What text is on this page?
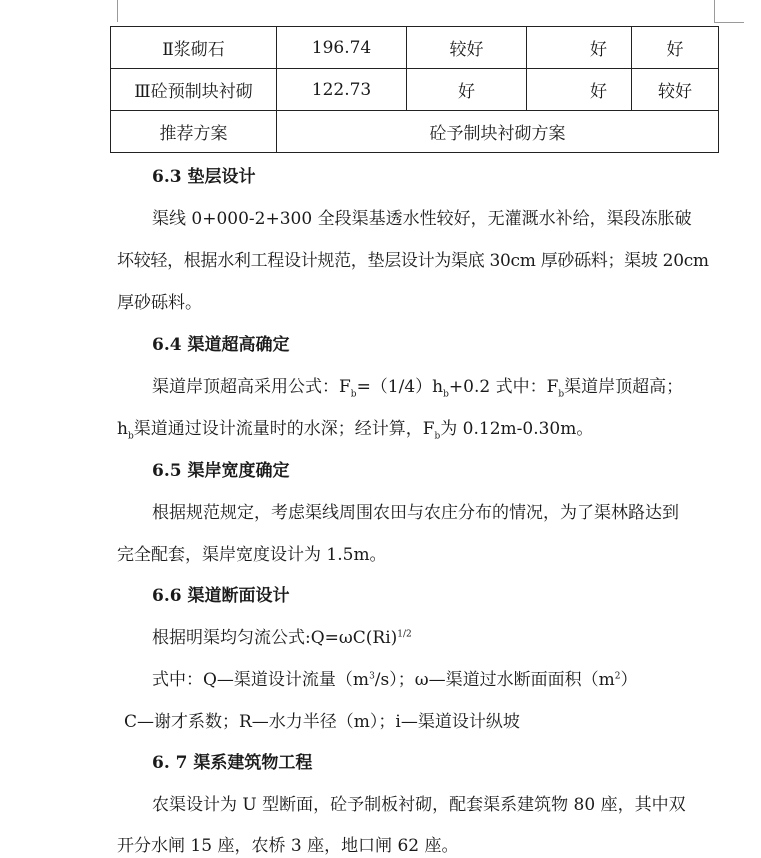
Ⅱ浆砌石	196.74	较好	好	好
Ⅲ砼预制块衬砌	122.73	好	好	较好
推荐方案	砼予制块衬砌方案			
6.3 垫层设计
渠线 0+000-2+300 全段渠基透水性较好，无灌溉水补给，渠段冻胀破
坏较轻，根据水利工程设计规范，垫层设计为渠底 30cm 厚砂砾料；渠坡 20cm
厚砂砾料。
6.4 渠道超高确定
渠道岸顶超高采用公式：$F_b=(1/4)h_b+0.2$ 式中：$F_b$渠道岸顶超高；
$h_b$渠道通过设计流量时的水深；经计算，$F_b$为 0.12m-0.30m。
6.5 渠岸宽度确定
根据规范规定，考虑渠线周围农田与农庄分布的情况，为了渠林路达到
完全配套，渠岸宽度设计为 1.5m。
6.6 渠道断面设计
根据明渠均匀流公式$:Q=\omega C(Ri)^{1/2}$
式中：Q—渠道设计流量$(m^3/s)$；ω—渠道过水断面面积$(m^2)$
C—谢才系数；R—水力半径（m）；i—渠道设计纵坡
6. 7 渠系建筑物工程
农渠设计为 U 型断面，砼予制板衬砌，配套渠系建筑物 80 座，其中双
开分水闸 15 座，农桥 3 座，地口闸 62 座。
